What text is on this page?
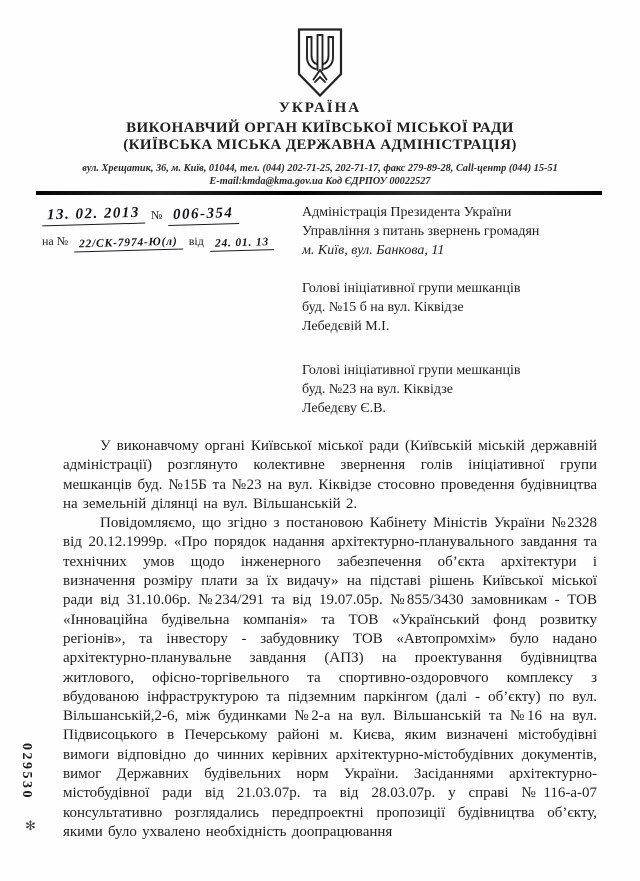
УКРАЇНА
ВИКОНАВЧИЙ ОРГАН КИЇВСЬКОЇ МІСЬКОЇ РАДИ
(КИЇВСЬКА МІСЬКА ДЕРЖАВНА АДМІНІСТРАЦІЯ)
вул. Хрещатик, 36, м. Київ, 01044, тел. (044) 202-71-25, 202-71-17, факс 279-89-28, Call-центр (044) 15-51
E-mail:kmda@kma.gov.ua Код ЄДРПОУ 00022527
13. 02. 2013 № 006-354
на № 22/СК-7974-Ю(л) від 24. 01. 13
Адміністрація Президента України
Управління з питань звернень громадян
м. Київ, вул. Банкова, 11
Голові ініціативної групи мешканців
буд. №15 б на вул. Кіквідзе
Лебедєвій М.І.
Голові ініціативної групи мешканців
буд. №23 на вул. Кіквідзе
Лебедєву Є.В.

У виконавчому органі Київської міської ради (Київській міській державній адміністрації) розглянуто колективне звернення голів ініціативної групи мешканців буд. №15Б та №23 на вул. Кіквідзе стосовно проведення будівництва на земельній ділянці на вул. Вільшанській 2.

Повідомляємо, що згідно з постановою Кабінету Міністів України №2328 від 20.12.1999р. «Про порядок надання архітектурно-планувального завдання та технічних умов щодо інженерного забезпечення об’єкта архітектури і визначення розміру плати за їх видачу» на підставі рішень Київської міської ради від 31.10.06р. №234/291 та від 19.07.05р. №855/3430 замовникам - ТОВ «Інноваційна будівельна компанія» та ТОВ «Український фонд розвитку регіонів», та інвестору - забудовнику ТОВ «Автопромхім» було надано архітектурно-планувальне завдання (АПЗ) на проектування будівництва житлового, офісно-торгівельного та спортивно-оздоровчого комплексу з вбудованою інфраструктурою та підземним паркінгом (далі - об’єкту) по вул. Вільшанській,2-6, між будинками №2-а на вул. Вільшанській та №16 на вул. Підвисоцького в Печерському районі м. Києва, яким визначені містобудівні вимоги відповідно до чинних керівних архітектурно-містобудівних документів, вимог Державних будівельних норм України. Засіданнями архітектурно-містобудівної ради від 21.03.07р. та від 28.03.07р. у справі №116-а-07 консультативно розглядались передпроектні пропозиції будівництва об’єкту, якими було ухвалено необхідність доопрацювання

029530
✻
